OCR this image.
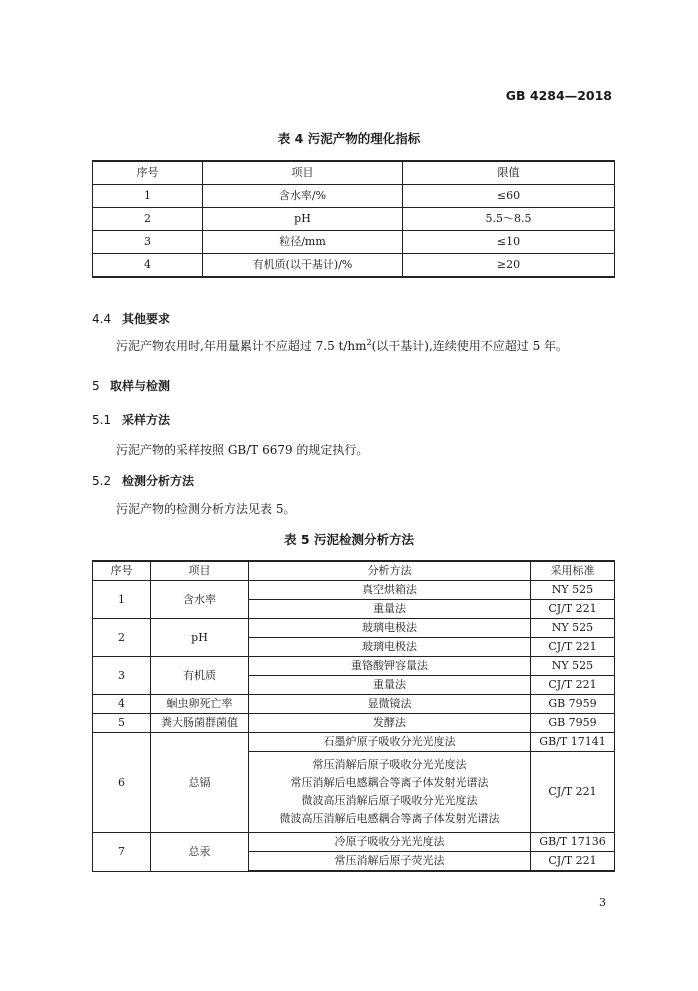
GB 4284—2018
表 4 污泥产物的理化指标
序号	项目	限值
1	含水率/%	≤60
2	pH	5.5～8.5
3	粒径/mm	≤10
4	有机质(以干基计)/%	≥20
4.4 其他要求
污泥产物农用时,年用量累计不应超过 7.5 $t/hm^2$(以干基计),连续使用不应超过 5 年。
5 取样与检测
5.1 采样方法
污泥产物的采样按照 GB/T 6679 的规定执行。
5.2 检测分析方法
污泥产物的检测分析方法见表 5。
表 5 污泥检测分析方法
序号	项目	分析方法	采用标准
1	含水率	真空烘箱法	NY 525
		重量法	CJ/T 221
2	pH	玻璃电极法	NY 525
		玻璃电极法	CJ/T 221
3	有机质	重铬酸钾容量法	NY 525
		重量法	CJ/T 221
4	蛔虫卵死亡率	显微镜法	GB 7959
5	粪大肠菌群菌值	发酵法	GB 7959
6	总镉	石墨炉原子吸收分光光度法	GB/T 17141

		常压消解后原子吸收分光光度法
常压消解后电感耦合等离子体发射光谱法
微波高压消解后原子吸收分光光度法
微波高压消解后电感耦合等离子体发射光谱法	CJ/T 221
7	总汞	冷原子吸收分光光度法	GB/T 17136
		常压消解后原子荧光法	CJ/T 221
3
